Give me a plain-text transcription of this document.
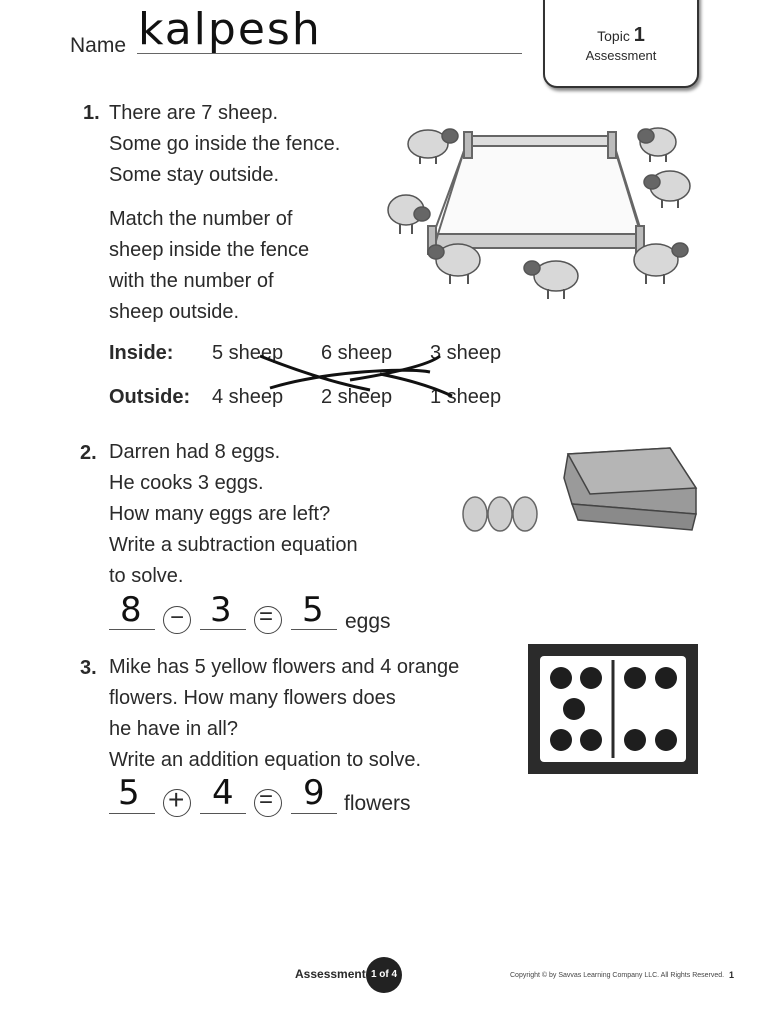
Name kalpesh	Topic 1
Assessment
1. There are 7 sheep.
Some go inside the fence.
Some stay outside.
Match the number of
sheep inside the fence
with the number of
sheep outside.
Inside: 5 sheep 6 sheep 3 sheep
Outside: 4 sheep 2 sheep 1 sheep
2. Darren had 8 eggs.
He cooks 3 eggs.
How many eggs are left?
Write a subtraction equation
to solve.
8 − 3 = 5 eggs
3. Mike has 5 yellow flowers and 4 orange
flowers. How many flowers does
he have in all?
Write an addition equation to solve.
5 + 4 = 9 flowers
Assessment 1 of 4	Copyright © by Savvas Learning Company LLC. All Rights Reserved. 1
